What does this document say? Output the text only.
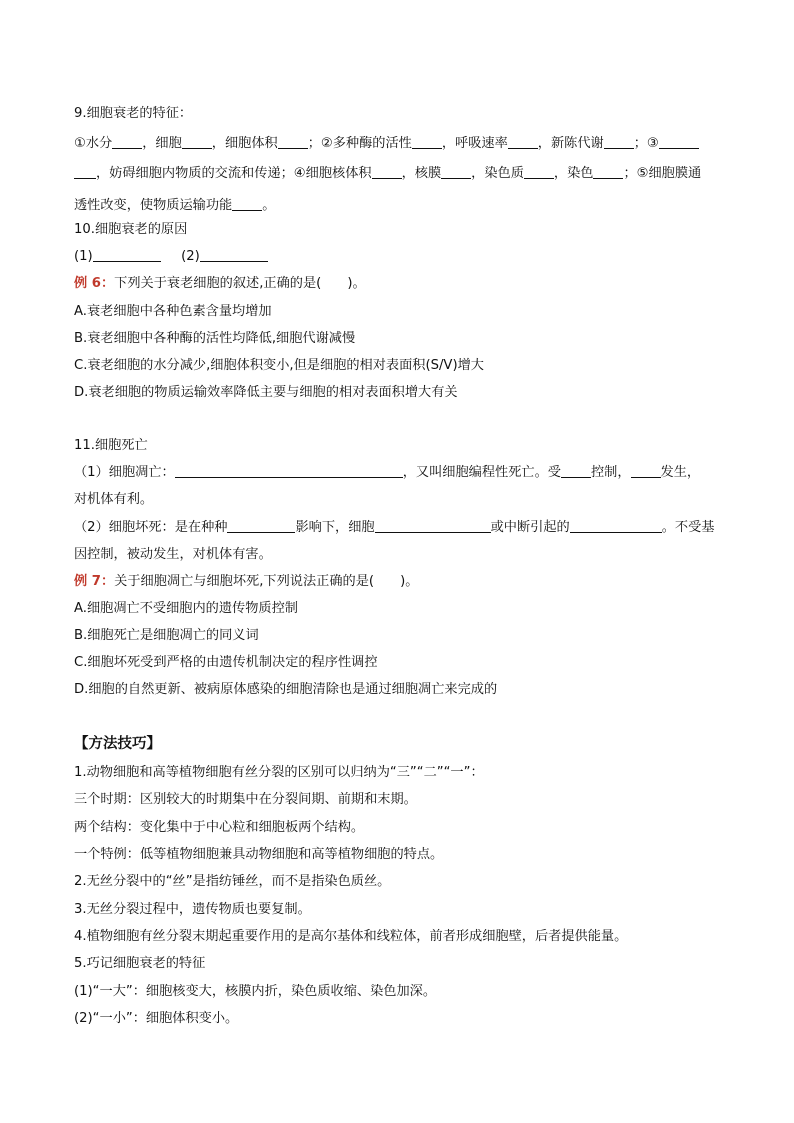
9.细胞衰老的特征：
①水分 ，细胞 ，细胞体积 ；②多种酶的活性 ，呼吸速率 ，新陈代谢 ；③
，妨碍细胞内物质的交流和传递；④细胞核体积 ，核膜 ，染色质 ，染色 ；⑤细胞膜通
透性改变，使物质运输功能 。
10.细胞衰老的原因
(1)	(2)
例 6：下列关于衰老细胞的叙述,正确的是( )。
A.衰老细胞中各种色素含量均增加
B.衰老细胞中各种酶的活性均降低,细胞代谢减慢
C.衰老细胞的水分减少,细胞体积变小,但是细胞的相对表面积(S/V)增大
D.衰老细胞的物质运输效率降低主要与细胞的相对表面积增大有关
11.细胞死亡
（1）细胞凋亡：	，又叫细胞编程性死亡。受 控制， 发生，
对机体有利。
（2）细胞坏死：是在种种	影响下，细胞	或中断引起的	。不受基
因控制，被动发生，对机体有害。
例 7：关于细胞凋亡与细胞坏死,下列说法正确的是( )。
A.细胞凋亡不受细胞内的遗传物质控制
B.细胞死亡是细胞凋亡的同义词
C.细胞坏死受到严格的由遗传机制决定的程序性调控
D.细胞的自然更新、被病原体感染的细胞清除也是通过细胞凋亡来完成的
【方法技巧】
1.动物细胞和高等植物细胞有丝分裂的区别可以归纳为“三”“二”“一”：
三个时期：区别较大的时期集中在分裂间期、前期和末期。
两个结构：变化集中于中心粒和细胞板两个结构。
一个特例：低等植物细胞兼具动物细胞和高等植物细胞的特点。
2.无丝分裂中的“丝”是指纺锤丝，而不是指染色质丝。
3.无丝分裂过程中，遗传物质也要复制。
4.植物细胞有丝分裂末期起重要作用的是高尔基体和线粒体，前者形成细胞壁，后者提供能量。
5.巧记细胞衰老的特征
(1)“一大”：细胞核变大，核膜内折，染色质收缩、染色加深。
(2)“一小”：细胞体积变小。
